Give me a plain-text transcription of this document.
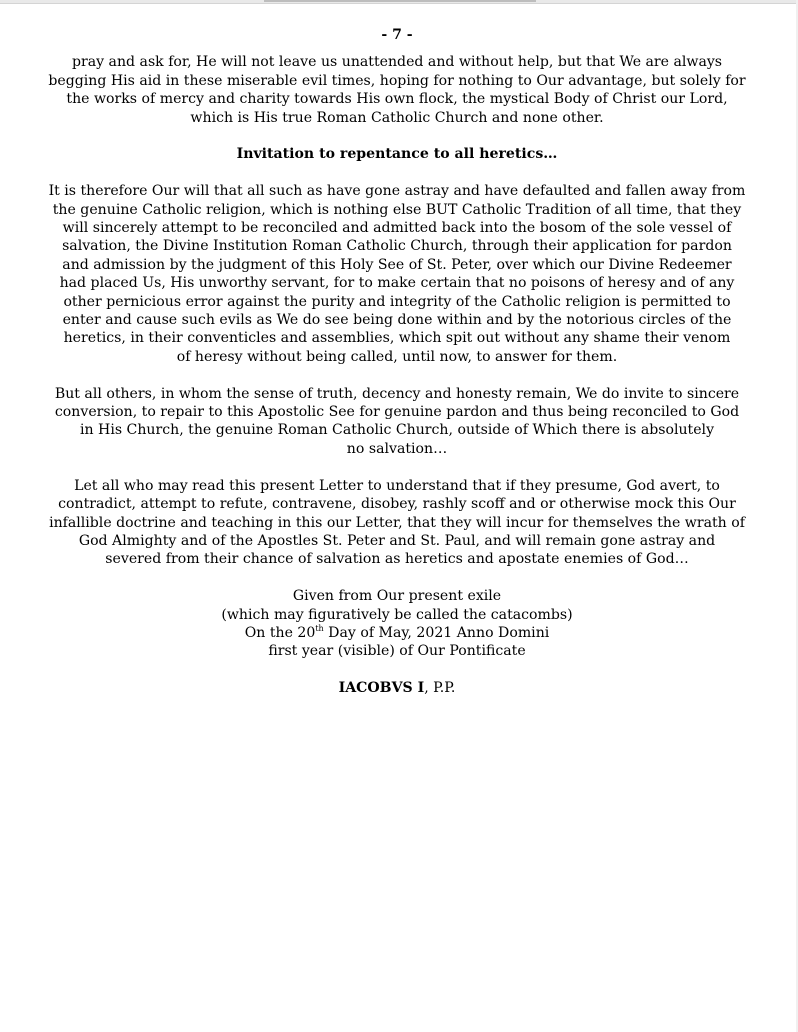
- 7 -

pray and ask for, He will not leave us unattended and without help, but that We are always
begging His aid in these miserable evil times, hoping for nothing to Our advantage, but solely for
the works of mercy and charity towards His own flock, the mystical Body of Christ our Lord,
which is His true Roman Catholic Church and none other.

Invitation to repentance to all heretics…

It is therefore Our will that all such as have gone astray and have defaulted and fallen away from
the genuine Catholic religion, which is nothing else BUT Catholic Tradition of all time, that they
will sincerely attempt to be reconciled and admitted back into the bosom of the sole vessel of
salvation, the Divine Institution Roman Catholic Church, through their application for pardon
and admission by the judgment of this Holy See of St. Peter, over which our Divine Redeemer
had placed Us, His unworthy servant, for to make certain that no poisons of heresy and of any
other pernicious error against the purity and integrity of the Catholic religion is permitted to
enter and cause such evils as We do see being done within and by the notorious circles of the
heretics, in their conventicles and assemblies, which spit out without any shame their venom
of heresy without being called, until now, to answer for them.

But all others, in whom the sense of truth, decency and honesty remain, We do invite to sincere
conversion, to repair to this Apostolic See for genuine pardon and thus being reconciled to God
in His Church, the genuine Roman Catholic Church, outside of Which there is absolutely
no salvation…

Let all who may read this present Letter to understand that if they presume, God avert, to
contradict, attempt to refute, contravene, disobey, rashly scoff and or otherwise mock this Our
infallible doctrine and teaching in this our Letter, that they will incur for themselves the wrath of
God Almighty and of the Apostles St. Peter and St. Paul, and will remain gone astray and
severed from their chance of salvation as heretics and apostate enemies of God…

Given from Our present exile
(which may figuratively be called the catacombs)
On the 20th Day of May, 2021 Anno Domini
first year (visible) of Our Pontificate

IACOBVS I, P.P.
